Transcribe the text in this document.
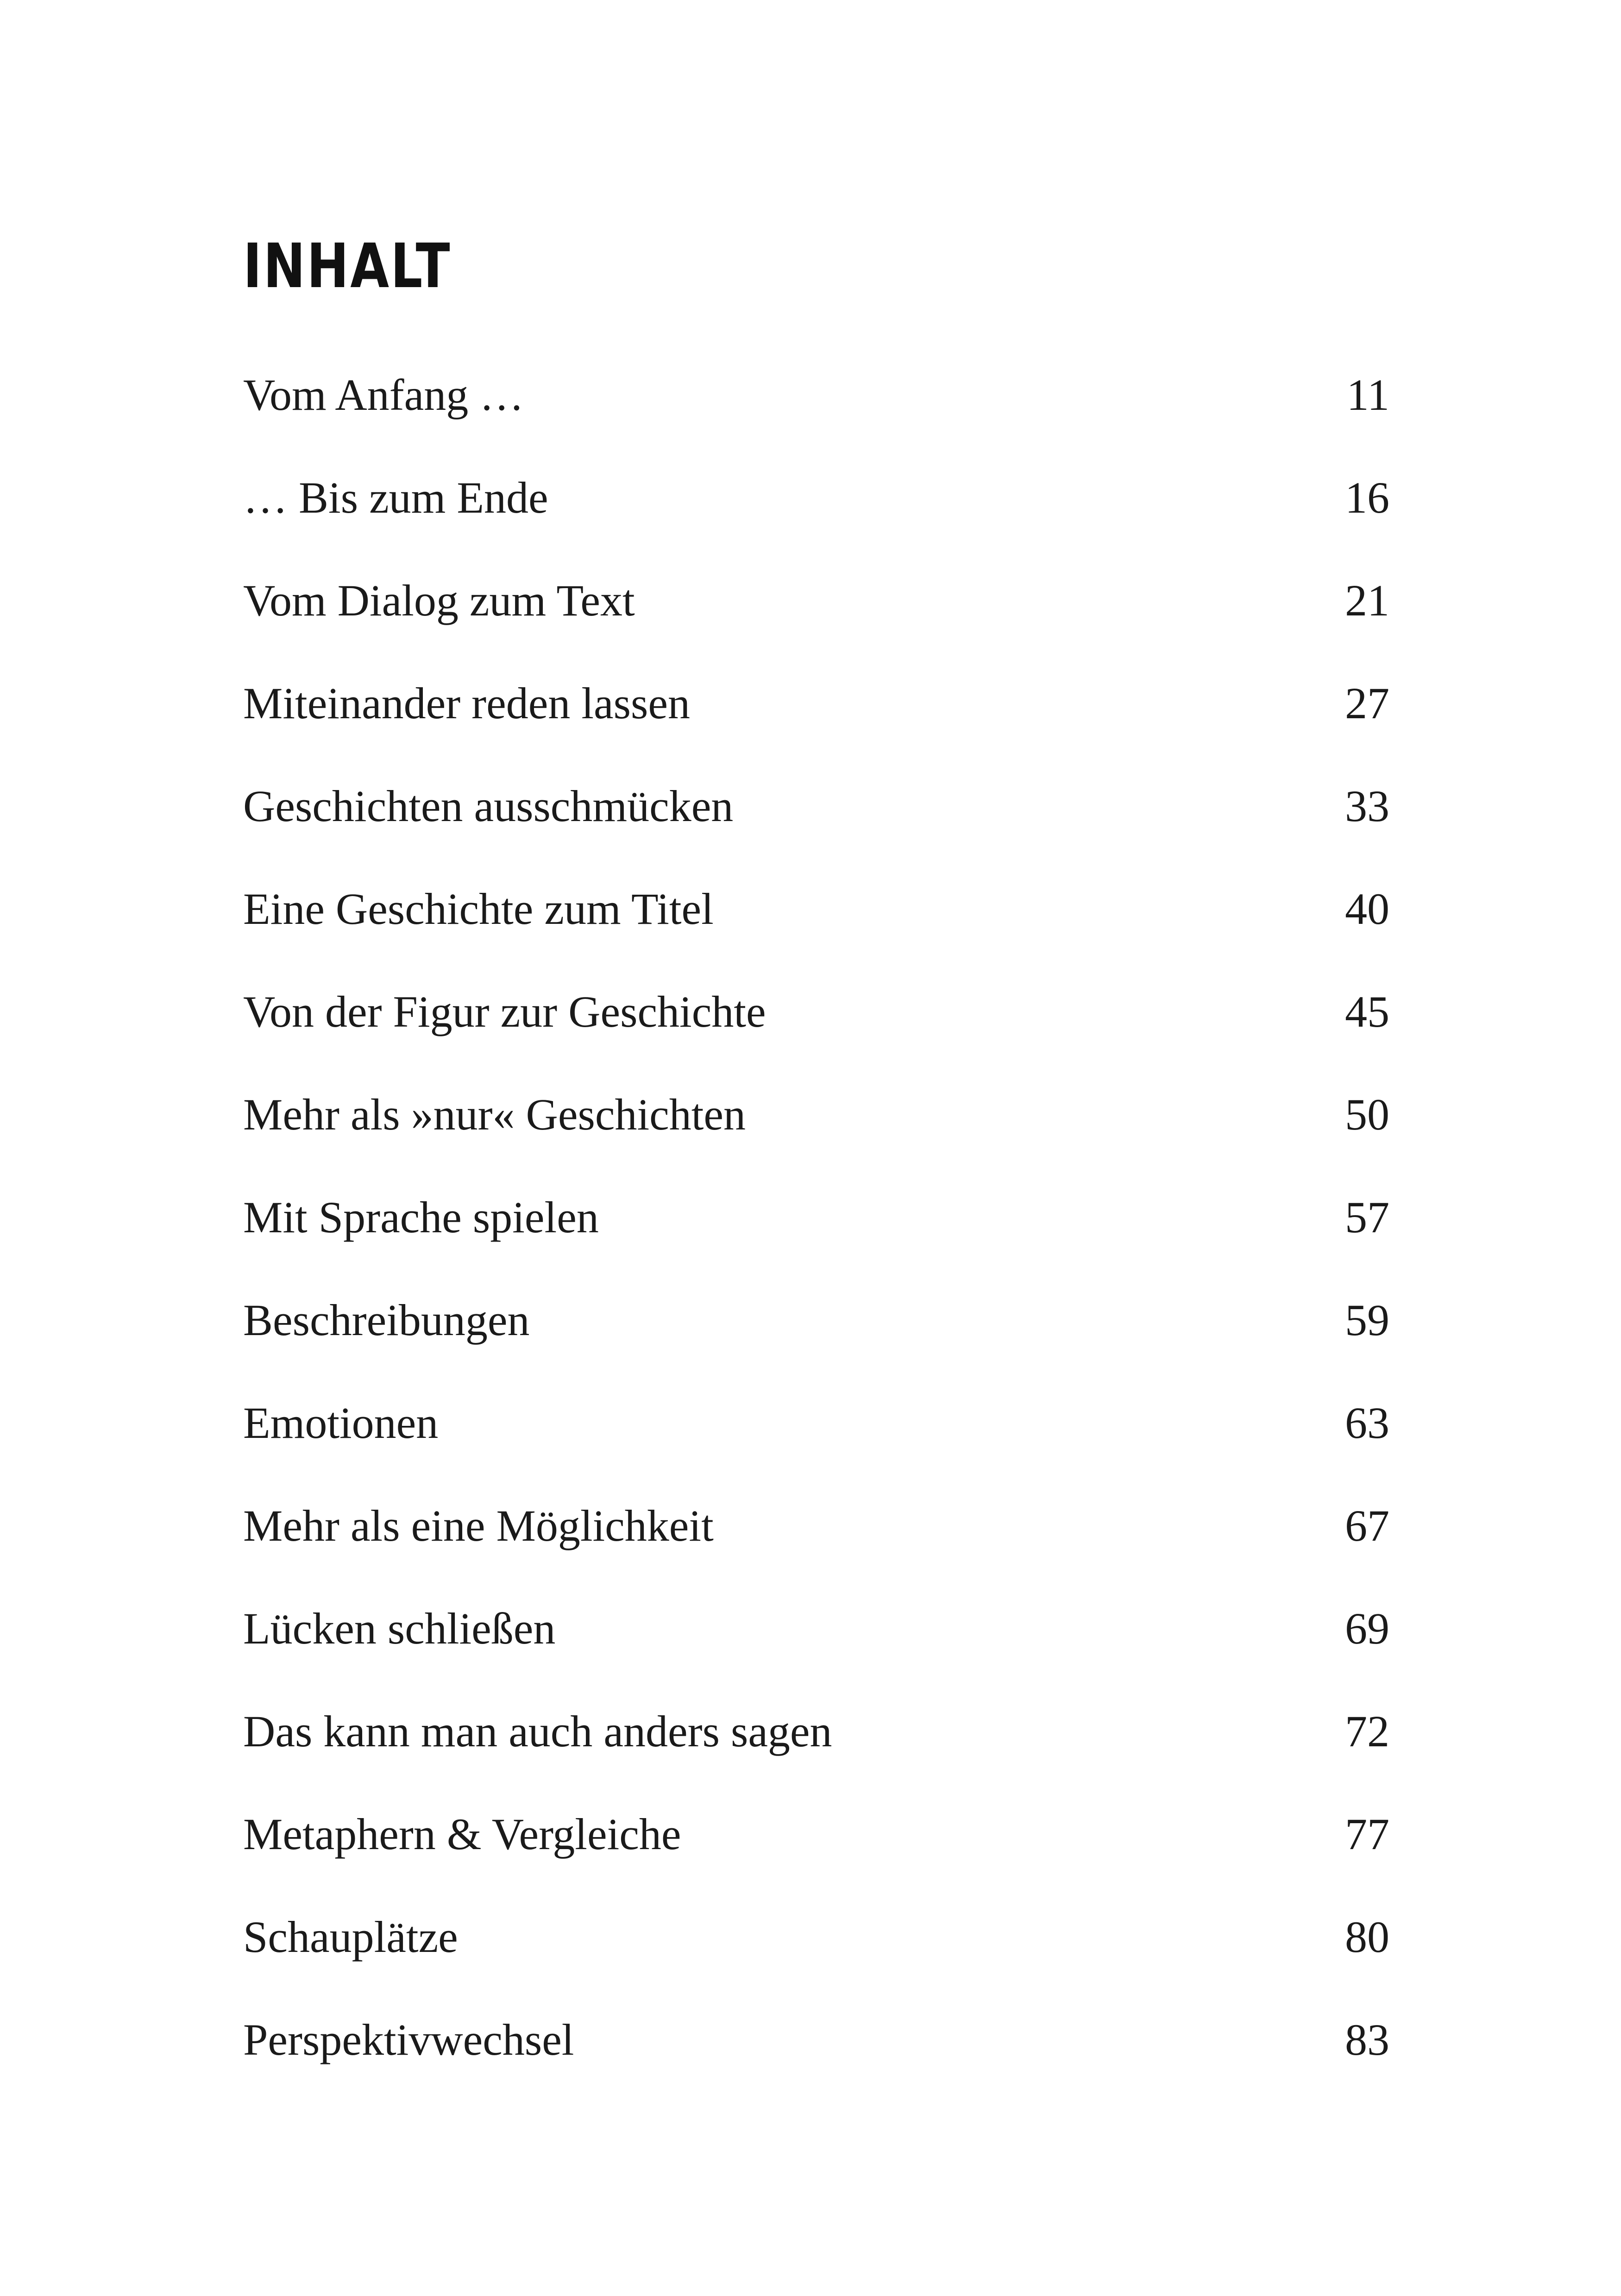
INHALT
Vom Anfang …	11
… Bis zum Ende	16
Vom Dialog zum Text	21
Miteinander reden lassen	27
Geschichten ausschmücken	33
Eine Geschichte zum Titel	40
Von der Figur zur Geschichte	45
Mehr als »nur« Geschichten	50
Mit Sprache spielen	57
Beschreibungen	59
Emotionen	63
Mehr als eine Möglichkeit	67
Lücken schließen	69
Das kann man auch anders sagen	72
Metaphern & Vergleiche	77
Schauplätze	80
Perspektivwechsel	83
